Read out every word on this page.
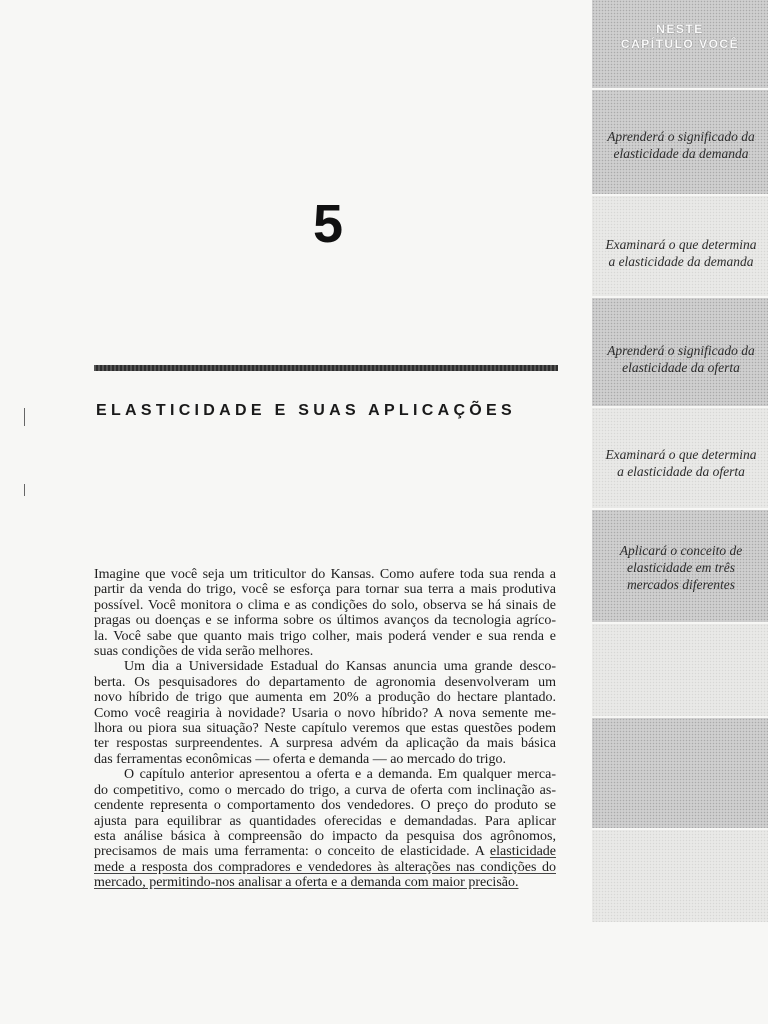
NESTE
CAPÍTULO VOCÊ
Aprenderá o significado da
elasticidade da demanda
Examinará o que determina
a elasticidade da demanda
Aprenderá o significado da
elasticidade da oferta
Examinará o que determina
a elasticidade da oferta
Aplicará o conceito de
elasticidade em três
mercados diferentes
5
ELASTICIDADE E SUAS APLICAÇÕES
Imagine que você seja um triticultor do Kansas. Como aufere toda sua renda a
partir da venda do trigo, você se esforça para tornar sua terra a mais produtiva
possível. Você monitora o clima e as condições do solo, observa se há sinais de
pragas ou doenças e se informa sobre os últimos avanços da tecnologia agríco-
la. Você sabe que quanto mais trigo colher, mais poderá vender e sua renda e
suas condições de vida serão melhores.
Um dia a Universidade Estadual do Kansas anuncia uma grande desco-
berta. Os pesquisadores do departamento de agronomia desenvolveram um
novo híbrido de trigo que aumenta em 20% a produção do hectare plantado.
Como você reagiria à novidade? Usaria o novo híbrido? A nova semente me-
lhora ou piora sua situação? Neste capítulo veremos que estas questões podem
ter respostas surpreendentes. A surpresa advém da aplicação da mais básica
das ferramentas econômicas — oferta e demanda — ao mercado do trigo.
O capítulo anterior apresentou a oferta e a demanda. Em qualquer merca-
do competitivo, como o mercado do trigo, a curva de oferta com inclinação as-
cendente representa o comportamento dos vendedores. O preço do produto se
ajusta para equilibrar as quantidades oferecidas e demandadas. Para aplicar
esta análise básica à compreensão do impacto da pesquisa dos agrônomos,
precisamos de mais uma ferramenta: o conceito de elasticidade. A elasticidade
mede a resposta dos compradores e vendedores às alterações nas condições do
mercado, permitindo-nos analisar a oferta e a demanda com maior precisão.
